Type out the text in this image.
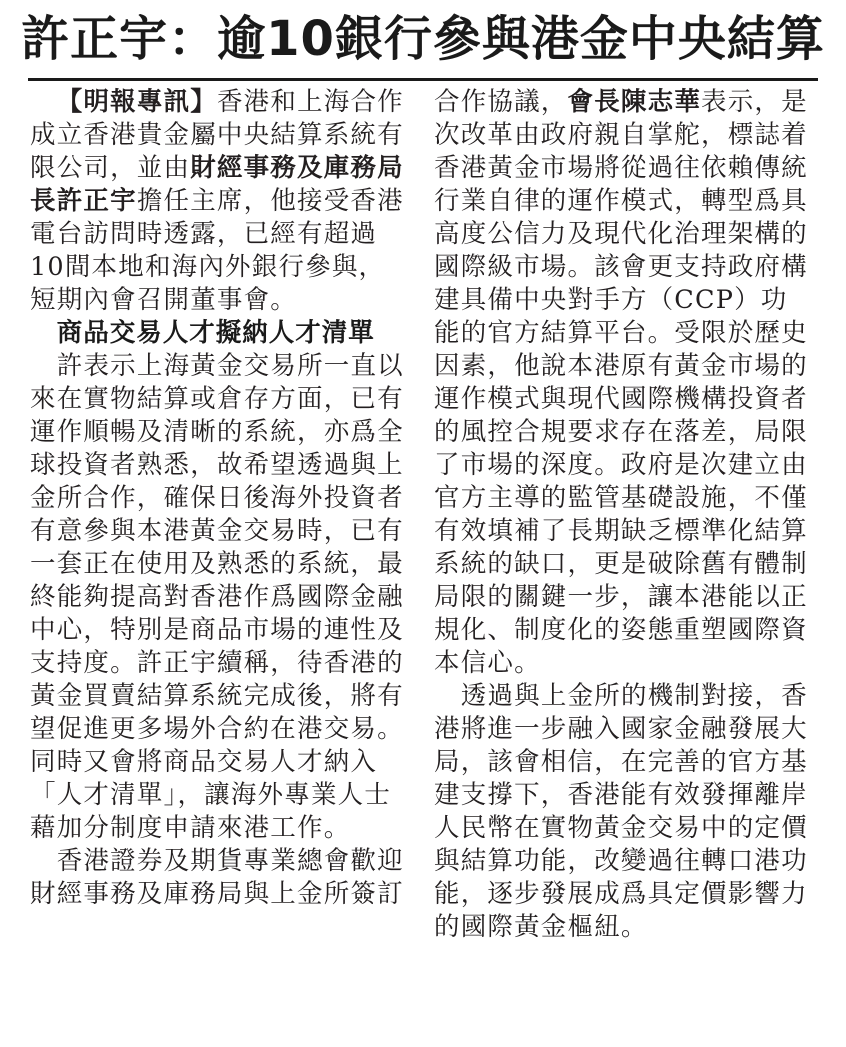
許正宇：逾10銀行參與港金中央結算

【明報專訊】香港和上海合作成立香港貴金屬中央結算系統有限公司，並由財經事務及庫務局長許正宇擔任主席，他接受香港電台訪問時透露，已經有超過10間本地和海內外銀行參與，短期內會召開董事會。

商品交易人才擬納人才清單

許表示上海黃金交易所一直以來在實物結算或倉存方面，已有運作順暢及清晰的系統，亦爲全球投資者熟悉，故希望透過與上金所合作，確保日後海外投資者有意參與本港黃金交易時，已有一套正在使用及熟悉的系統，最終能夠提高對香港作爲國際金融中心，特別是商品市場的連性及支持度。許正宇續稱，待香港的黃金買賣結算系統完成後，將有望促進更多場外合約在港交易。同時又會將商品交易人才納入「人才清單」，讓海外專業人士藉加分制度申請來港工作。

香港證券及期貨專業總會歡迎財經事務及庫務局與上金所簽訂

合作協議，會長陳志華表示，是次改革由政府親自掌舵，標誌着香港黃金市場將從過往依賴傳統行業自律的運作模式，轉型爲具高度公信力及現代化治理架構的國際級市場。該會更支持政府構建具備中央對手方（CCP）功能的官方結算平台。受限於歷史因素，他說本港原有黃金市場的運作模式與現代國際機構投資者的風控合規要求存在落差，局限了市場的深度。政府是次建立由官方主導的監管基礎設施，不僅有效填補了長期缺乏標準化結算系統的缺口，更是破除舊有體制局限的關鍵一步，讓本港能以正規化、制度化的姿態重塑國際資本信心。

透過與上金所的機制對接，香港將進一步融入國家金融發展大局，該會相信，在完善的官方基建支撐下，香港能有效發揮離岸人民幣在實物黃金交易中的定價與結算功能，改變過往轉口港功能，逐步發展成爲具定價影響力的國際黃金樞紐。
